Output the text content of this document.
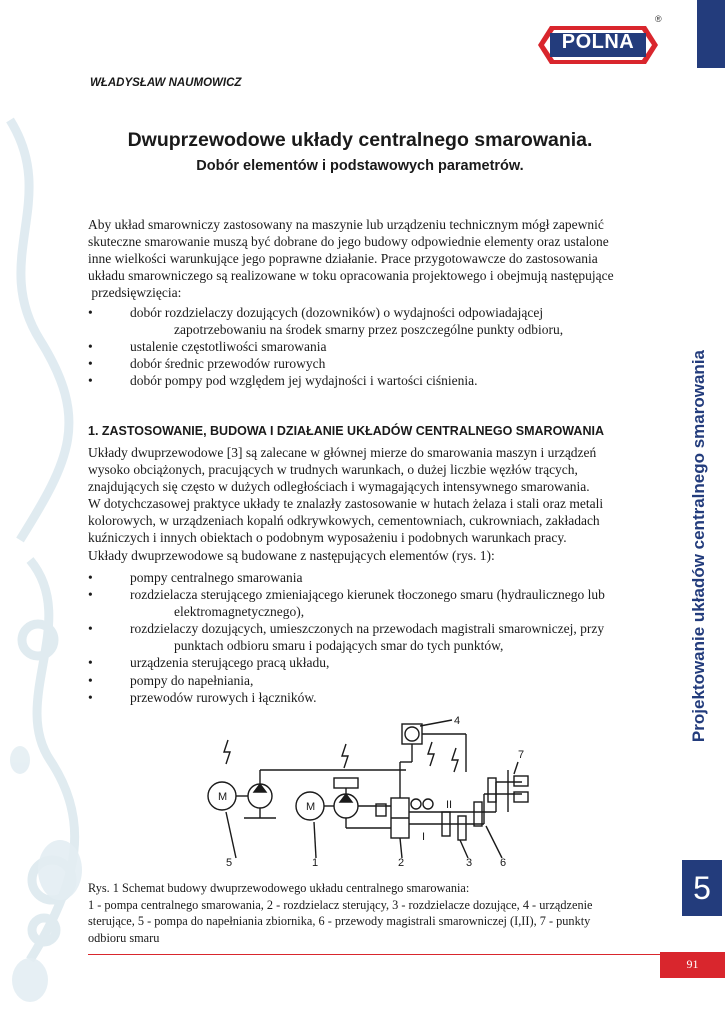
POLNA
®
WŁADYSŁAW NAUMOWICZ
Dwuprzewodowe układy centralnego smarowania.
Dobór elementów i podstawowych parametrów.
Aby układ smarowniczy zastosowany na maszynie lub urządzeniu technicznym mógł zapewnić
skuteczne smarowanie muszą być dobrane do jego budowy odpowiednie elementy oraz ustalone
inne wielkości warunkujące jego poprawne działanie. Prace przygotowawcze do zastosowania
układu smarowniczego są realizowane w toku opracowania projektowego i obejmują następujące
przedsięwzięcia:
•	dobór rozdzielaczy dozujących (dozowników) o wydajności odpowiadającej
zapotrzebowaniu na środek smarny przez poszczególne punkty odbioru,
•	ustalenie częstotliwości smarowania
•	dobór średnic przewodów rurowych
•	dobór pompy pod względem jej wydajności i wartości ciśnienia.
1. ZASTOSOWANIE, BUDOWA I DZIAŁANIE UKŁADÓW CENTRALNEGO SMAROWANIA
Układy dwuprzewodowe [3] są zalecane w głównej mierze do smarowania maszyn i urządzeń
wysoko obciążonych, pracujących w trudnych warunkach, o dużej liczbie węzłów trących,
znajdujących się często w dużych odległościach i wymagających intensywnego smarowania.
W dotychczasowej praktyce układy te znalazły zastosowanie w hutach żelaza i stali oraz metali
kolorowych, w urządzeniach kopalń odkrywkowych, cementowniach, cukrowniach, zakładach
kuźniczych i innych obiektach o podobnym wyposażeniu i podobnych warunkach pracy.
Układy dwuprzewodowe są budowane z następujących elementów (rys. 1):
•	pompy centralnego smarowania
•	rozdzielacza sterującego zmieniającego kierunek tłoczonego smaru (hydraulicznego lub
elektromagnetycznego),
•	rozdzielaczy dozujących, umieszczonych na przewodach magistrali smarowniczej, przy
punktach odbioru smaru i podających smar do tych punktów,
•	urządzenia sterującego pracą układu,
•	pompy do napełniania,
•	przewodów rurowych i łączników.
4
7
M
M	II
I
5	1	2	3	6
Rys. 1 Schemat budowy dwuprzewodowego układu centralnego smarowania:
1 - pompa centralnego smarowania, 2 - rozdzielacz sterujący, 3 - rozdzielacze dozujące, 4 - urządzenie
sterujące, 5 - pompa do napełniania zbiornika, 6 - przewody magistrali smarowniczej (I,II), 7 - punkty
odbioru smaru
Projektowanie układów centralnego smarowania
5
91
